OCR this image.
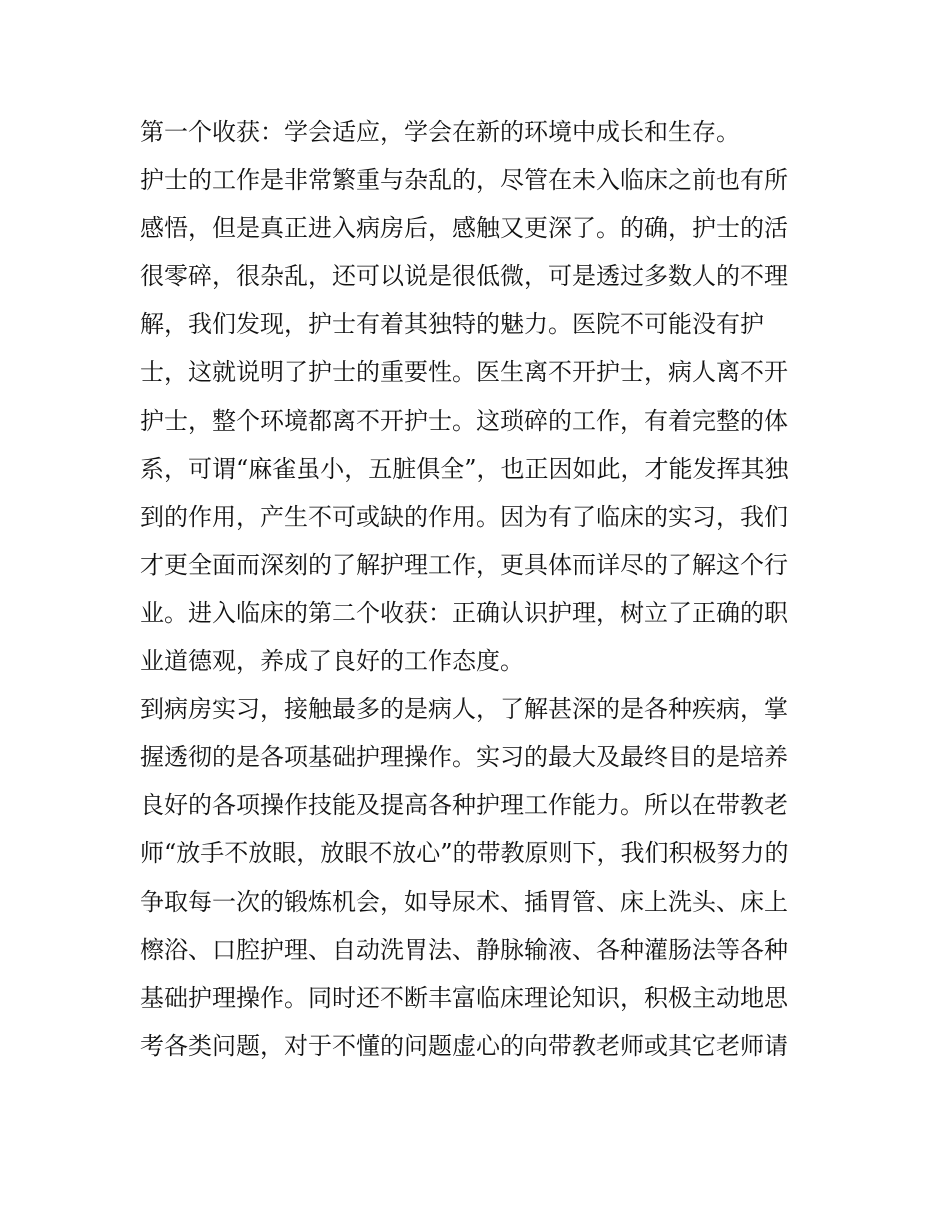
第一个收获：学会适应，学会在新的环境中成长和生存。
护士的工作是非常繁重与杂乱的，尽管在未入临床之前也有所
感悟，但是真正进入病房后，感触又更深了。的确，护士的活
很零碎，很杂乱，还可以说是很低微，可是透过多数人的不理
解，我们发现，护士有着其独特的魅力。医院不可能没有护
士，这就说明了护士的重要性。医生离不开护士，病人离不开
护士，整个环境都离不开护士。这琐碎的工作，有着完整的体
系，可谓“麻雀虽小，五脏俱全”，也正因如此，才能发挥其独
到的作用，产生不可或缺的作用。因为有了临床的实习，我们
才更全面而深刻的了解护理工作，更具体而详尽的了解这个行
业。进入临床的第二个收获：正确认识护理，树立了正确的职
业道德观，养成了良好的工作态度。
到病房实习，接触最多的是病人，了解甚深的是各种疾病，掌
握透彻的是各项基础护理操作。实习的最大及最终目的是培养
良好的各项操作技能及提高各种护理工作能力。所以在带教老
师“放手不放眼，放眼不放心”的带教原则下，我们积极努力的
争取每一次的锻炼机会，如导尿术、插胃管、床上洗头、床上
檫浴、口腔护理、自动洗胃法、静脉输液、各种灌肠法等各种
基础护理操作。同时还不断丰富临床理论知识，积极主动地思
考各类问题，对于不懂的问题虚心的向带教老师或其它老师请
